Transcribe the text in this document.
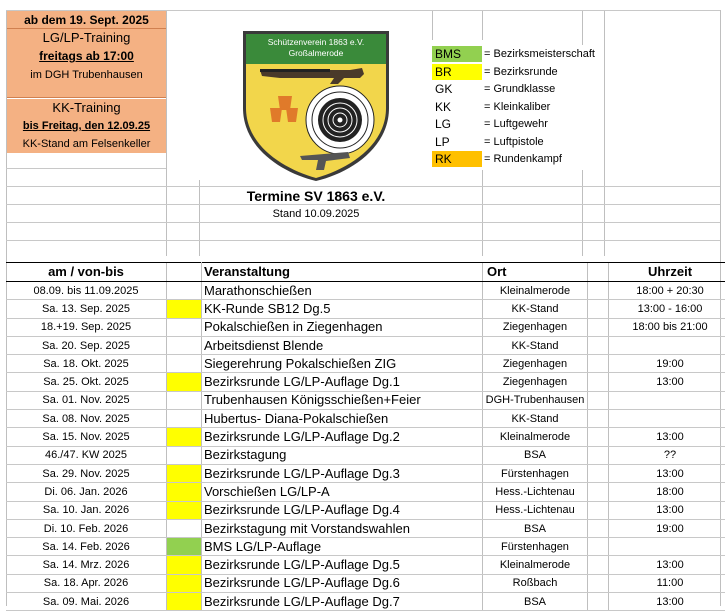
ab dem 19. Sept. 2025
LG/LP-Training
freitags ab 17:00
im DGH Trubenhausen
KK-Training
bis Freitag, den 12.09.25
KK-Stand am Felsenkeller
Schützenverein 1863 e.V.
Großalmerode	BMS	= Bezirksmeisterschaft
BR	= Bezirksrunde
GK	= Grundklasse
KK	= Kleinkaliber
LG	= Luftgewehr
LP	= Luftpistole
RK	= Rundenkampf
Termine SV 1863 e.V.
Stand 10.09.2025
am / von-bis		Veranstaltung	Ort		Uhrzeit
08.09. bis 11.09.2025		Marathonschießen	Kleinalmerode		18:00 + 20:30
Sa. 13. Sep. 2025		KK-Runde SB12 Dg.5	KK-Stand		13:00 - 16:00
18.+19. Sep. 2025		Pokalschießen in Ziegenhagen	Ziegenhagen		18:00 bis 21:00
Sa. 20. Sep. 2025		Arbeitsdienst Blende	KK-Stand		
Sa. 18. Okt. 2025		Siegerehrung Pokalschießen ZIG	Ziegenhagen		19:00
Sa. 25. Okt. 2025		Bezirksrunde LG/LP-Auflage Dg.1	Ziegenhagen		13:00
Sa. 01. Nov. 2025		Trubenhausen Königsschießen+Feier	DGH-Trubenhausen		
Sa. 08. Nov. 2025		Hubertus- Diana-Pokalschießen	KK-Stand		
Sa. 15. Nov. 2025		Bezirksrunde LG/LP-Auflage Dg.2	Kleinalmerode		13:00
46./47. KW 2025		Bezirkstagung	BSA		??
Sa. 29. Nov. 2025		Bezirksrunde LG/LP-Auflage Dg.3	Fürstenhagen		13:00
Di. 06. Jan. 2026		Vorschießen LG/LP-A	Hess.-Lichtenau		18:00
Sa. 10. Jan. 2026		Bezirksrunde LG/LP-Auflage Dg.4	Hess.-Lichtenau		13:00
Di. 10. Feb. 2026		Bezirkstagung mit Vorstandswahlen	BSA		19:00
Sa. 14. Feb. 2026		BMS LG/LP-Auflage	Fürstenhagen		
Sa. 14. Mrz. 2026		Bezirksrunde LG/LP-Auflage Dg.5	Kleinalmerode		13:00
Sa. 18. Apr. 2026		Bezirksrunde LG/LP-Auflage Dg.6	Roßbach		11:00
Sa. 09. Mai. 2026		Bezirksrunde LG/LP-Auflage Dg.7	BSA		13:00
